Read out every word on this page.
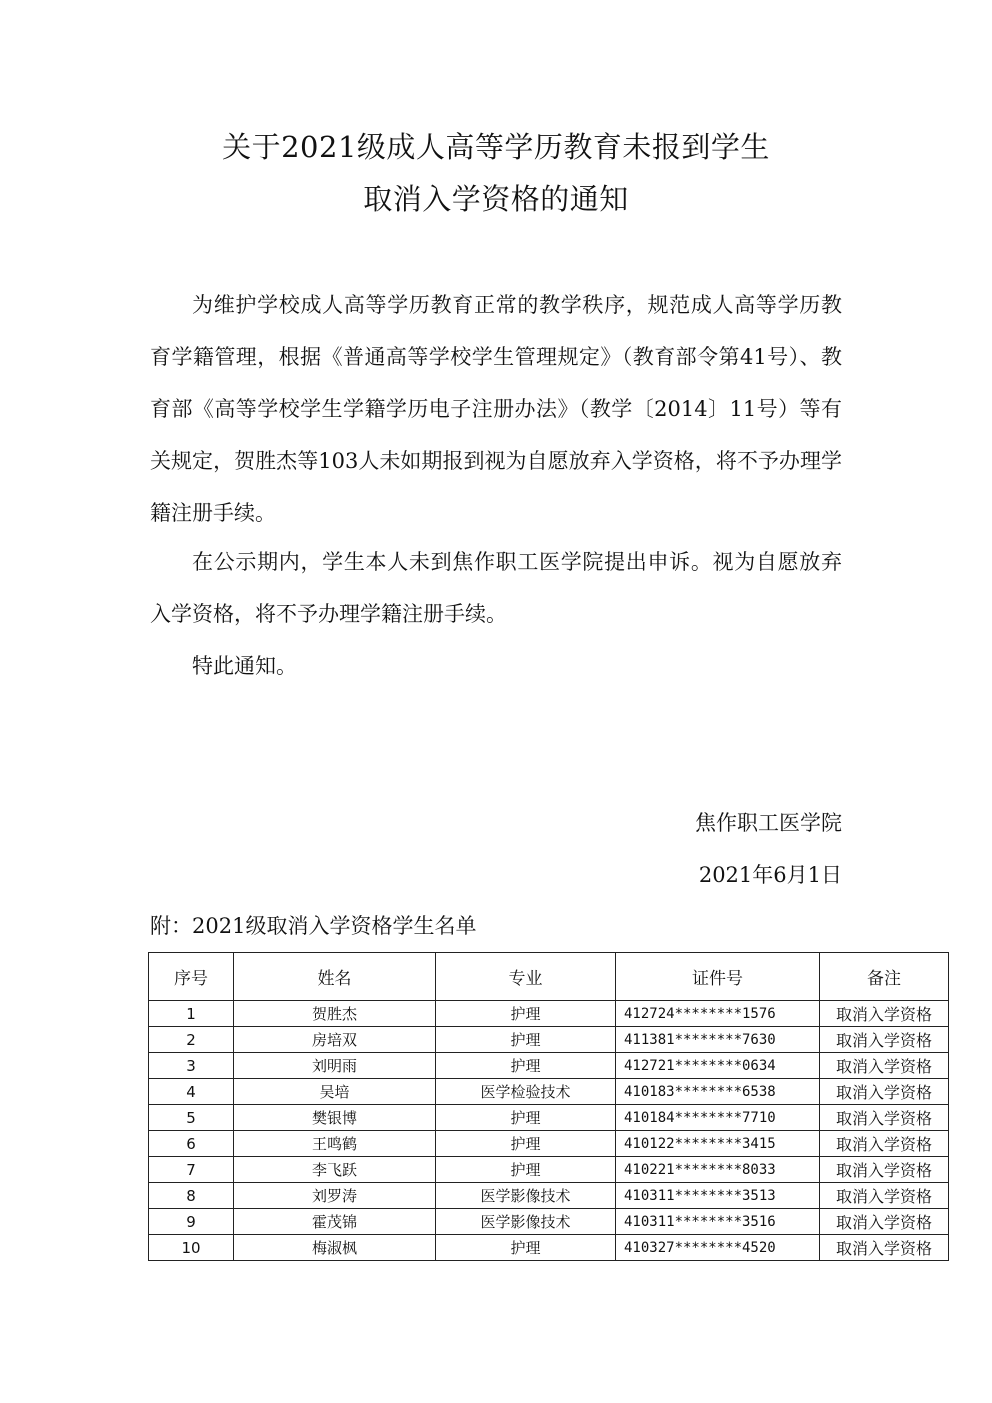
关于2021级成人高等学历教育未报到学生
取消入学资格的通知
为维护学校成人高等学历教育正常的教学秩序，规范成人高等学历教育学籍管理，根据《普通高等学校学生管理规定》（教育部令第41号）、教育部《高等学校学生学籍学历电子注册办法》（教学〔2014〕11号）等有关规定，贺胜杰等103人未如期报到视为自愿放弃入学资格，将不予办理学籍注册手续。
在公示期内，学生本人未到焦作职工医学院提出申诉。视为自愿放弃入学资格，将不予办理学籍注册手续。
特此通知。
焦作职工医学院
2021年6月1日
附：2021级取消入学资格学生名单
序号	姓名	专业	证件号	备注
1	贺胜杰	护理	412724********1576	取消入学资格
2	房培双	护理	411381********7630	取消入学资格
3	刘明雨	护理	412721********0634	取消入学资格
4	吴培	医学检验技术	410183********6538	取消入学资格
5	樊银博	护理	410184********7710	取消入学资格
6	王鸣鹤	护理	410122********3415	取消入学资格
7	李飞跃	护理	410221********8033	取消入学资格
8	刘罗涛	医学影像技术	410311********3513	取消入学资格
9	霍茂锦	医学影像技术	410311********3516	取消入学资格
10	梅淑枫	护理	410327********4520	取消入学资格
